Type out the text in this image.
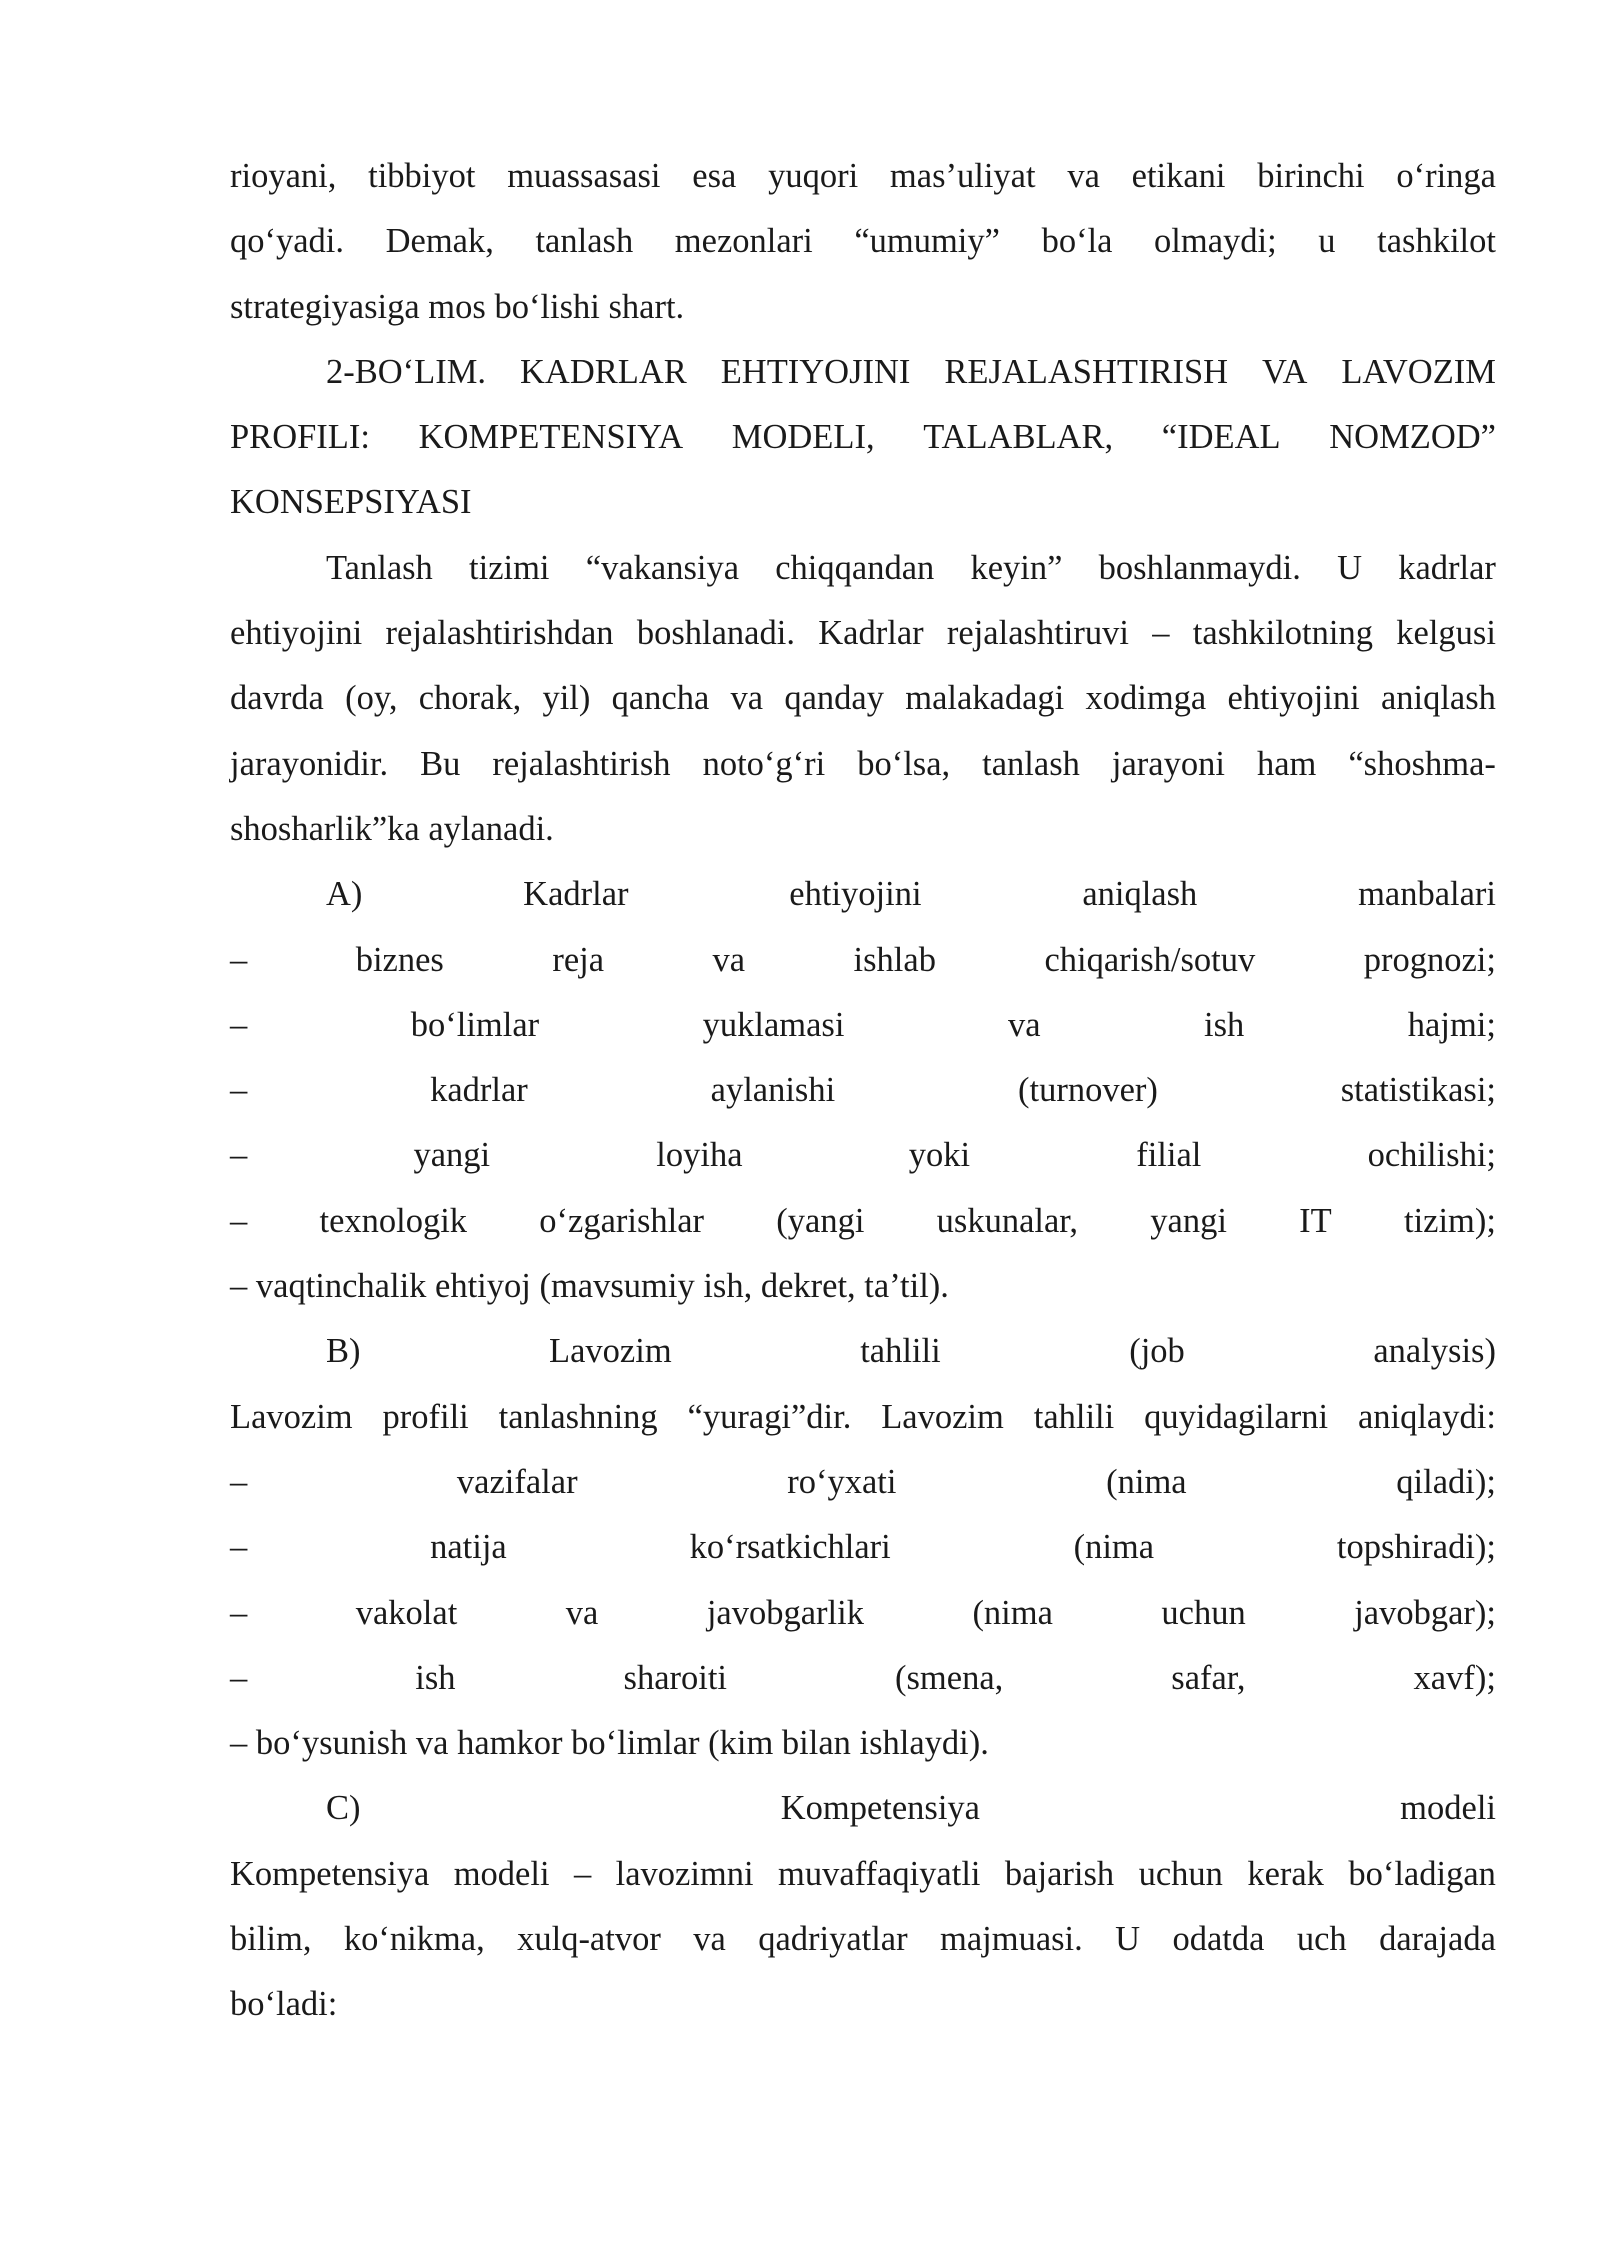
rioyani, tibbiyot muassasasi esa yuqori mas’uliyat va etikani birinchi o‘ringa
qo‘yadi. Demak, tanlash mezonlari “umumiy” bo‘la olmaydi; u tashkilot
strategiyasiga mos bo‘lishi shart.
2-BO‘LIM. KADRLAR EHTIYOJINI REJALASHTIRISH VA LAVOZIM
PROFILI: KOMPETENSIYA MODELI, TALABLAR, “IDEAL NOMZOD”
KONSEPSIYASI
Tanlash tizimi “vakansiya chiqqandan keyin” boshlanmaydi. U kadrlar
ehtiyojini rejalashtirishdan boshlanadi. Kadrlar rejalashtiruvi – tashkilotning kelgusi
davrda (oy, chorak, yil) qancha va qanday malakadagi xodimga ehtiyojini aniqlash
jarayonidir. Bu rejalashtirish noto‘g‘ri bo‘lsa, tanlash jarayoni ham “shoshma-
shosharlik”ka aylanadi.
A)	Kadrlar	ehtiyojini	aniqlash	manbalari
–	biznes	reja	va	ishlab	chiqarish/sotuv	prognozi;
–	bo‘limlar	yuklamasi	va	ish	hajmi;
–	kadrlar	aylanishi	(turnover)	statistikasi;
–	yangi	loyiha	yoki	filial	ochilishi;
– texnologik o‘zgarishlar (yangi uskunalar, yangi IT tizim);
– vaqtinchalik ehtiyoj (mavsumiy ish, dekret, ta’til).
B)	Lavozim	tahlili	(job	analysis)
Lavozim profili tanlashning “yuragi”dir. Lavozim tahlili quyidagilarni aniqlaydi:
–	vazifalar	ro‘yxati	(nima	qiladi);
–	natija	ko‘rsatkichlari	(nima	topshiradi);
–	vakolat	va	javobgarlik	(nima	uchun	javobgar);
–	ish	sharoiti	(smena,	safar,	xavf);
– bo‘ysunish va hamkor bo‘limlar (kim bilan ishlaydi).
C)	Kompetensiya	modeli
Kompetensiya modeli – lavozimni muvaffaqiyatli bajarish uchun kerak bo‘ladigan
bilim, ko‘nikma, xulq-atvor va qadriyatlar majmuasi. U odatda uch darajada
bo‘ladi:
